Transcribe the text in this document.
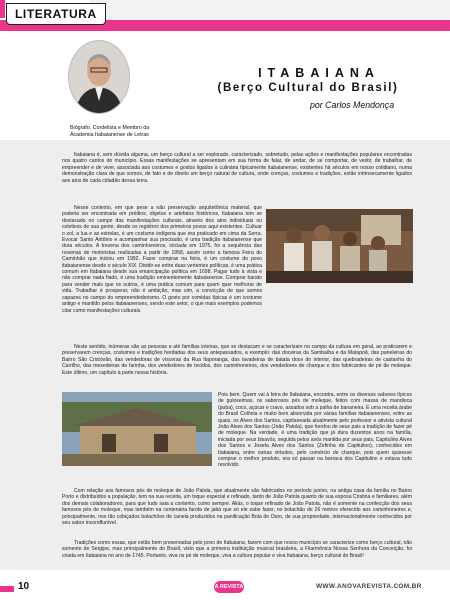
LITERATURA
Biógrafo, Cordelista e Membro da Academia Itabaianense de Letras
ITABAIANA
(Berço Cultural do Brasil)
por Carlos Mendonça

Itabaiana é, sem dúvida alguma, um berço cultural a ser explorado, caracterizado, sobretudo, pelas ações e manifestações populares encontradas nos quatro cantos do município. Essas manifestações se apresentam em sua forma de falar, de andar, de se comportar, de vestir, de trabalhar, de empreender e de viver, associada aos costumes e gostos ligados à culinária tipicamente itabaianense, existentes há séculos em nosso cotidiano, numa demonstração clara de que somos, de fato e de direito um berço natural de cultura, onde crenças, costumes e tradições, estão intrinsecamente ligados aos atos de cada cidadão dessa terra.

Nesse contexto, em que pese a não preservação arquitetônica material, que poderia ser encontrada em prédios, objetos e artefatos históricos, Itabaiana tem se destacado no campo das manifestações culturais, através dos atos individuais ou coletivos de sua gente, desde os registros dos primeiros povos aqui existentes. Cultuar o sol, a lua e as estrelas, é um costume indígena que era praticado em cima da Serra. Evocar Santo Antônio e acompanhar sua procissão, é uma tradição itabaianense que dura séculos. A trezena dos caminhoneiros, iniciada em 1975, foi a sequência das novenas de motoristas realizadas a partir de 1958, assim como a famosa Feira do Caminhão que iniciou em 1992. Fazer compras na feira, é um costume do povo itabaianense desde o século XIX. Dividir-se entre duas vertentes políticas, é uma prática comum em Itabaiana desde sua emancipação política em 1698. Pagar tudo à vista e não comprar nada fiado, é uma tradição eminentemente itabaianense. Comprar barato para vender mais que os outros, é uma prática comum para quem quer melhorar de vida. Trabalhar é prosperar, não é ambição, mas sim, a convicção de que somos capazes no campo do empreendedorismo. O gosto por comidas típicas é um costume antigo e mantido pelos itabaianenses, sendo este setor, o que mais exemplos podemos citar como manifestações culturais.

Neste sentido, inúmeras são as pessoas e até famílias inteiras, que se destacam e se caracterizam no campo da cultura em geral, ao praticarem e preservarem crenças, costumes e tradições herdadas dos seus antepassados, a exemplo: das doceiras da Sambaíba e da Matapoã, das paneleiras do Bairro São Cristóvão, das vendedoras de vísceras da Rua Itaporanga, das lavadeiras de batata doce do interior, das quebradeiras de castanha do Carrilho, das mexedeiras de farinha, dos vendedores de tecidos, dos caminhoneiros, dos vendedores de charque e dos fabricantes de pé de moleque. Este último, um capítulo à parte nessa história.

Pois bem. Quem vai à feira de Itabaiana, encontra, entre os diversos sabores típicos de guloseimas, os saborosos pés de moleque, feitos com massa de mandioca (puba), coco, açúcar e cravo, assados sob a palha de bananeira. É uma receita árabe do Brasil Colônia e muito bem absorvida por várias famílias itabaianenses, entre as quais, os Alves dos Santos, capitaneada atualmente pelo professor e ativista cultural João Alves dos Santos (João Patola), que herdou de seus pais a tradição de fazer pé de moleque. Na verdade, é uma tradição que já dura duzentos anos na família, iniciada por seus bisavós, seguida pelos avós mantida por seus pais, Capitulino Alves dos Santos e Josefa Alves dos Santos (Zefinha de Capitulino), conhecidos em Itabaiana, entre outras virtudes, pelo comércio de charque, pois quem quisesse comprar o melhor produto, era só passar na barraca dos Capitulino e estava tudo resolvido.

Com relação aos famosos pés de moleque de João Patola, que atualmente são fabricados no período junino, na antiga casa da família no Bairro Porto e distribuídos a população, tem na sua receita, um toque especial e refinado, tanto de João Patola quanto de sua esposa Cristina e familiares, além dos demais colaboradores, para que tudo saia a contento, como sempre. Aliás, o toque refinado de João Patola, não é somente na confecção dos seus famosos pés de moleque, mas também na centenária farofa de jabá que só ele sabe fazer, no bolachão de 26 metros oferecido aos caminhoneiros e, principalmente, nos tão cobiçados bolachões de canela produzidos na panificação Bola de Ouro, de sua propriedade, internacionalmente conhecidos por seu sabor incondfunível.

Tradições como essas, que estão bem preservadas pelo povo de Itabaiana, fazem com que nosso município se caracterize como berço cultural, não somente de Sergipe, mas principalmente do Brasil, visto que a primeira instituição musical brasileira, a Filarmônica Nossa Senhora da Conceição, foi criada em Itabaiana no ano de 1745. Portanto, viva os pé de moleque, viva a cultura popular e viva Itabaiana, berço cultural do Brasil!

10	A REVISTA	WWW.ANOVAREVISTA.COM.BR
